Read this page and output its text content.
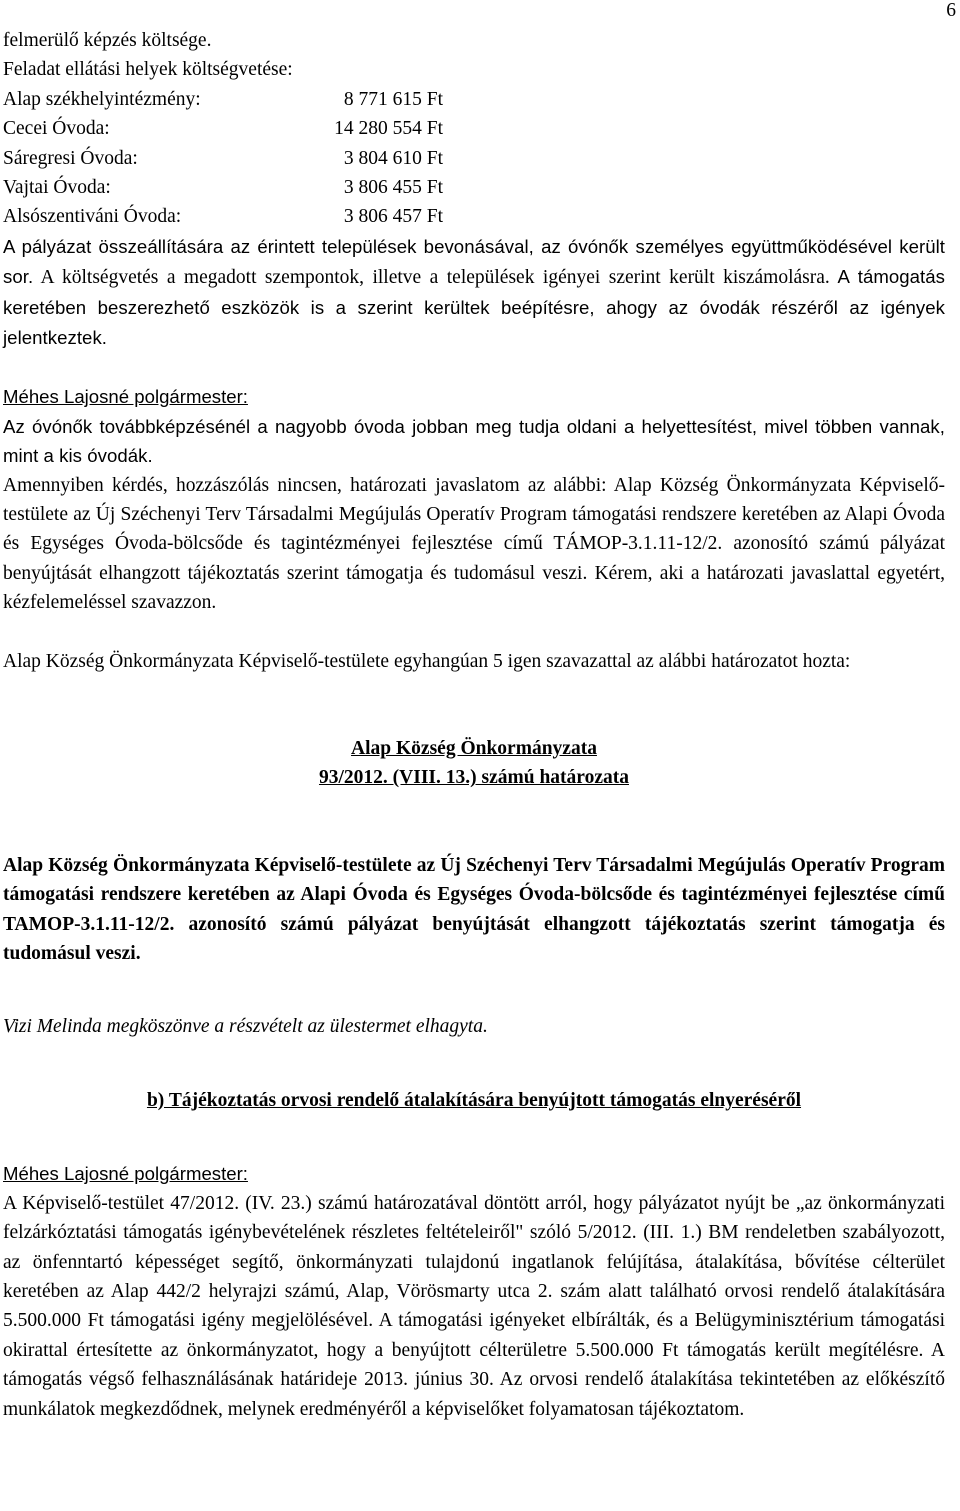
6

felmerülő képzés költsége.

Feladat ellátási helyek költségvetése:

Alap székhelyintézmény:	8 771 615 Ft
Cecei Óvoda:	14 280 554 Ft
Sáregresi Óvoda:	3 804 610 Ft
Vajtai Óvoda:	3 806 455 Ft
Alsószentiváni Óvoda:	3 806 457 Ft

A pályázat összeállítására az érintett települések bevonásával, az óvónők személyes együttműködésével került sor. A költségvetés a megadott szempontok, illetve a települések igényei szerint került kiszámolásra. A támogatás keretében beszerezhető eszközök is a szerint kerültek beépítésre, ahogy az óvodák részéről az igények jelentkeztek.

Méhes Lajosné polgármester:

Az óvónők továbbképzésénél a nagyobb óvoda jobban meg tudja oldani a helyettesítést, mivel többen vannak, mint a kis óvodák.

Amennyiben kérdés, hozzászólás nincsen, határozati javaslatom az alábbi: Alap Község Önkormányzata Képviselő-testülete az Új Széchenyi Terv Társadalmi Megújulás Operatív Program támogatási rendszere keretében az Alapi Óvoda és Egységes Óvoda-bölcsőde és tagintézményei fejlesztése című TÁMOP-3.1.11-12/2. azonosító számú pályázat benyújtását elhangzott tájékoztatás szerint támogatja és tudomásul veszi. Kérem, aki a határozati javaslattal egyetért, kézfelemeléssel szavazzon.

Alap Község Önkormányzata Képviselő-testülete egyhangúan 5 igen szavazattal az alábbi határozatot hozta:

Alap Község Önkormányzata

93/2012. (VIII. 13.) számú határozata

Alap Község Önkormányzata Képviselő-testülete az Új Széchenyi Terv Társadalmi Megújulás Operatív Program támogatási rendszere keretében az Alapi Óvoda és Egységes Óvoda-bölcsőde és tagintézményei fejlesztése című TAMOP-3.1.11-12/2. azonosító számú pályázat benyújtását elhangzott tájékoztatás szerint támogatja és tudomásul veszi.

Vizi Melinda megköszönve a részvételt az ülestermet elhagyta.

b) Tájékoztatás orvosi rendelő átalakítására benyújtott támogatás elnyeréséről

Méhes Lajosné polgármester:

A Képviselő-testület 47/2012. (IV. 23.) számú határozatával döntött arról, hogy pályázatot nyújt be „az önkormányzati felzárkóztatási támogatás igénybevételének részletes feltételeiről" szóló 5/2012. (III. 1.) BM rendeletben szabályozott, az önfenntartó képességet segítő, önkormányzati tulajdonú ingatlanok felújítása, átalakítása, bővítése célterület keretében az Alap 442/2 helyrajzi számú, Alap, Vörösmarty utca 2. szám alatt található orvosi rendelő átalakítására 5.500.000 Ft támogatási igény megjelölésével. A támogatási igényeket elbírálták, és a Belügyminisztérium támogatási okirattal értesítette az önkormányzatot, hogy a benyújtott célterületre 5.500.000 Ft támogatás került megítélésre. A támogatás végső felhasználásának határideje 2013. június 30. Az orvosi rendelő átalakítása tekintetében az előkészítő munkálatok megkezdődnek, melynek eredményéről a képviselőket folyamatosan tájékoztatom.
